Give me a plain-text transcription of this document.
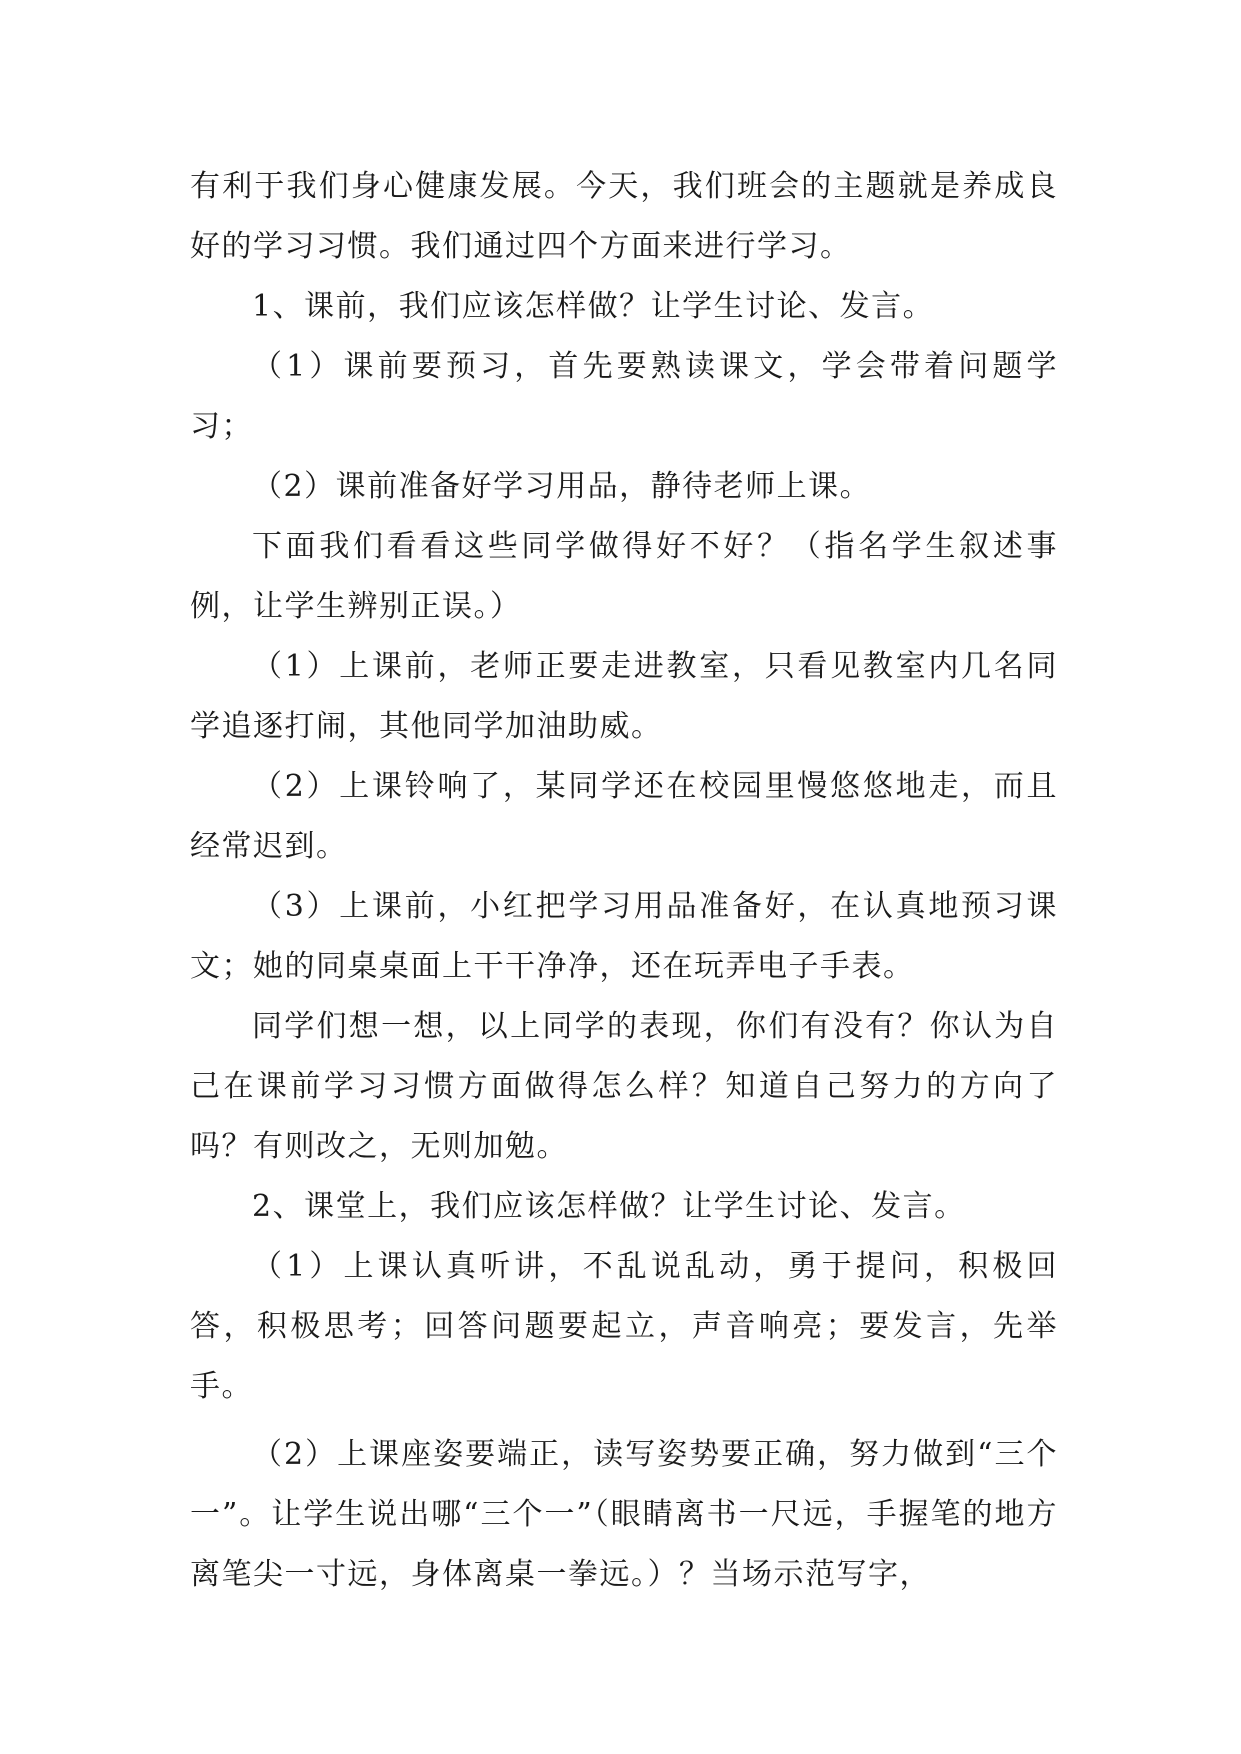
有利于我们身心健康发展。今天，我们班会的主题就是养成良好的学习习惯。我们通过四个方面来进行学习。

1、课前，我们应该怎样做？让学生讨论、发言。

（1）课前要预习，首先要熟读课文，学会带着问题学习；

（2）课前准备好学习用品，静待老师上课。

下面我们看看这些同学做得好不好？（指名学生叙述事例，让学生辨别正误。）

（1）上课前，老师正要走进教室，只看见教室内几名同学追逐打闹，其他同学加油助威。

（2）上课铃响了，某同学还在校园里慢悠悠地走，而且经常迟到。

（3）上课前，小红把学习用品准备好，在认真地预习课文；她的同桌桌面上干干净净，还在玩弄电子手表。

同学们想一想，以上同学的表现，你们有没有？你认为自己在课前学习习惯方面做得怎么样？知道自己努力的方向了吗？有则改之，无则加勉。

2、课堂上，我们应该怎样做？让学生讨论、发言。

（1）上课认真听讲，不乱说乱动，勇于提问，积极回答，积极思考；回答问题要起立，声音响亮；要发言，先举手。

（2）上课座姿要端正，读写姿势要正确，努力做到“三个一”。让学生说出哪“三个一”（眼睛离书一尺远，手握笔的地方离笔尖一寸远，身体离桌一拳远。）？当场示范写字，
